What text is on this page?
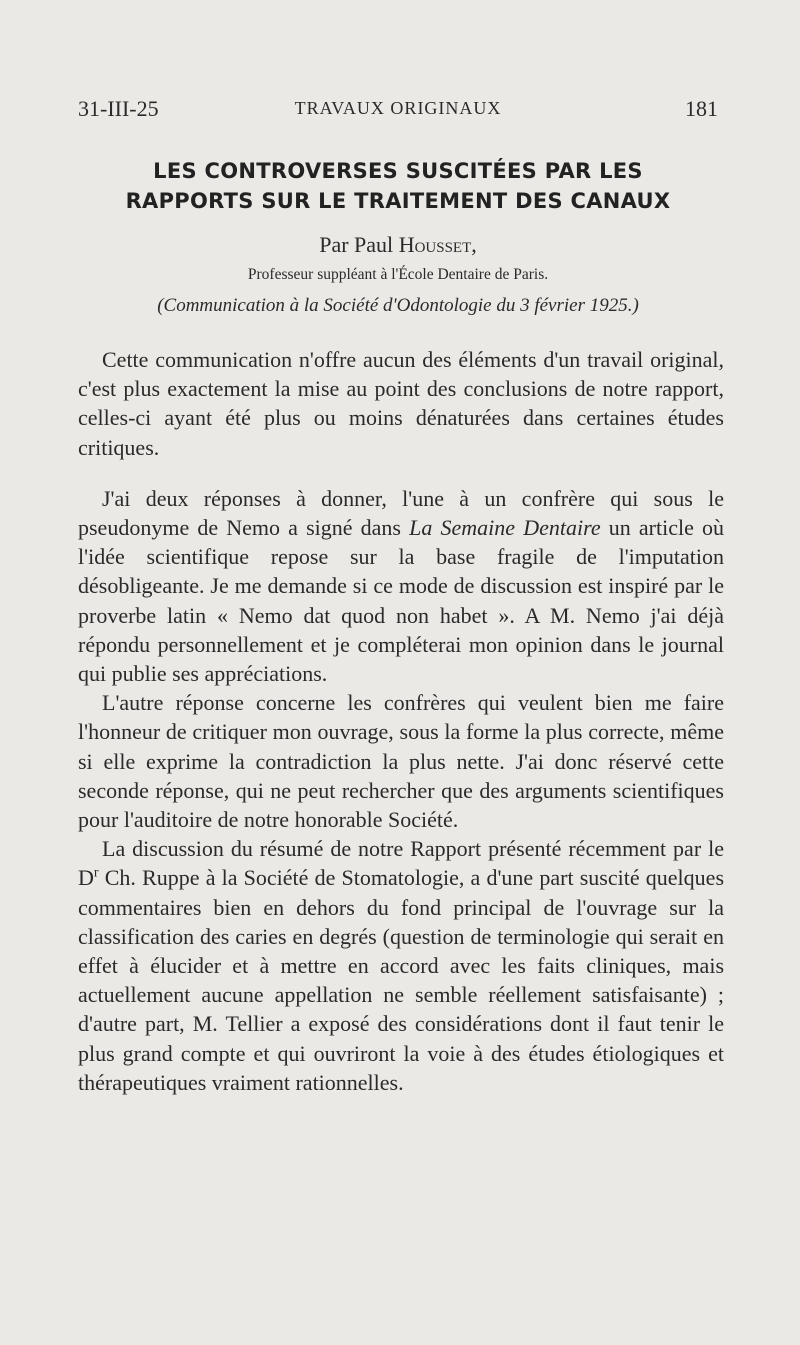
31-III-25	TRAVAUX ORIGINAUX	181
LES CONTROVERSES SUSCITÉES PAR LES
RAPPORTS SUR LE TRAITEMENT DES CANAUX
Par Paul Housset,
Professeur suppléant à l'École Dentaire de Paris.
(Communication à la Société d'Odontologie du 3 février 1925.)

Cette communication n'offre aucun des éléments d'un travail original, c'est plus exactement la mise au point des conclusions de notre rapport, celles-ci ayant été plus ou moins dénaturées dans certaines études critiques.

J'ai deux réponses à donner, l'une à un confrère qui sous le pseudonyme de Nemo a signé dans La Semaine Dentaire un article où l'idée scientifique repose sur la base fragile de l'imputation désobligeante. Je me demande si ce mode de discussion est inspiré par le proverbe latin « Nemo dat quod non habet ». A M. Nemo j'ai déjà répondu personnellement et je compléterai mon opinion dans le journal qui publie ses appréciations.

L'autre réponse concerne les confrères qui veulent bien me faire l'honneur de critiquer mon ouvrage, sous la forme la plus correcte, même si elle exprime la contradiction la plus nette. J'ai donc réservé cette seconde réponse, qui ne peut rechercher que des arguments scientifiques pour l'auditoire de notre honorable Société.

La discussion du résumé de notre Rapport présenté récemment par le $D^r$ Ch. Ruppe à la Société de Stomatologie, a d'une part suscité quelques commentaires bien en dehors du fond principal de l'ouvrage sur la classification des caries en degrés (question de terminologie qui serait en effet à élucider et à mettre en accord avec les faits cliniques, mais actuellement aucune appellation ne semble réellement satisfaisante) ; d'autre part, M. Tellier a exposé des considérations dont il faut tenir le plus grand compte et qui ouvriront la voie à des études étiologiques et thérapeutiques vraiment rationnelles.
